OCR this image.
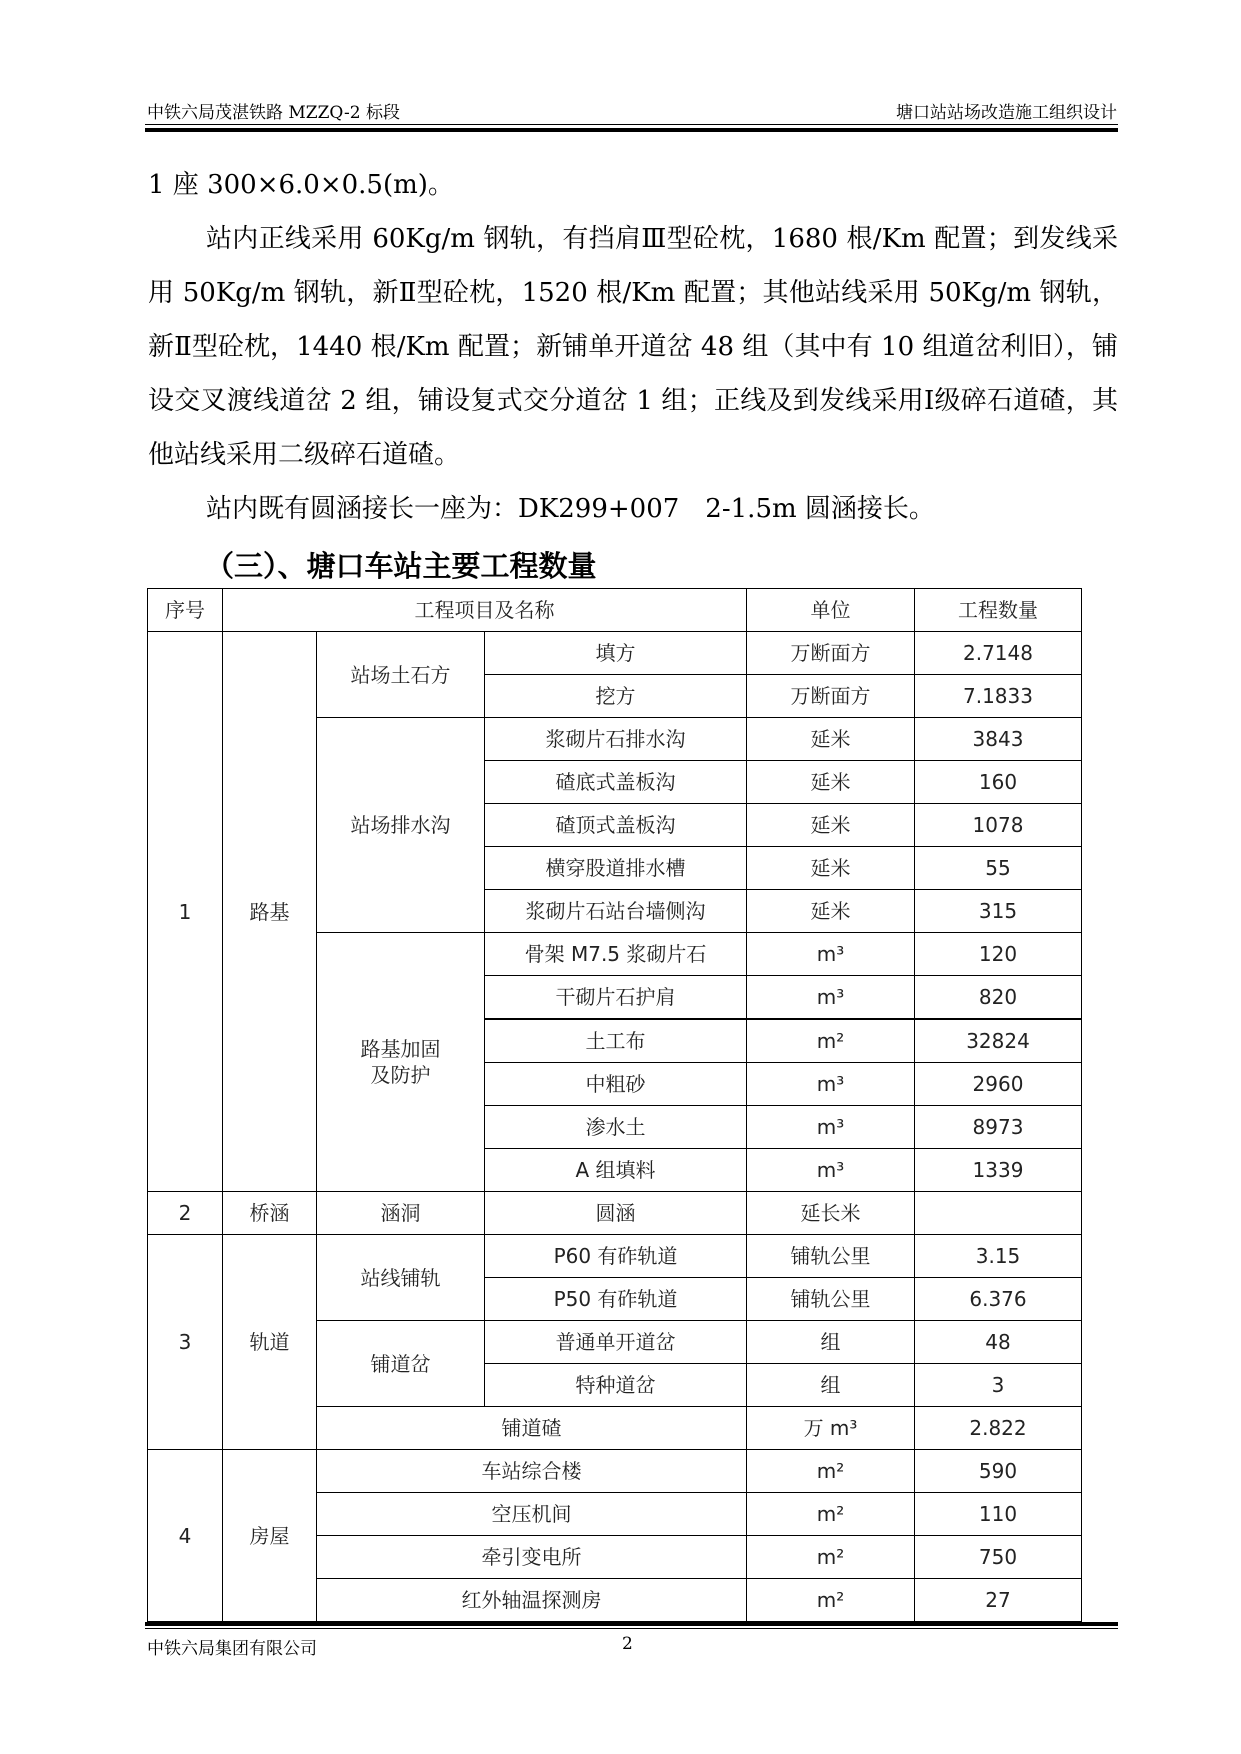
中铁六局茂湛铁路 MZZQ-2 标段	塘口站站场改造施工组织设计

1 座 300×6.0×0.5(m)。

站内正线采用 60Kg/m 钢轨，有挡肩Ⅲ型砼枕，1680 根/Km 配置；到发线采用 50Kg/m 钢轨，新Ⅱ型砼枕，1520 根/Km 配置；其他站线采用 50Kg/m 钢轨，新Ⅱ型砼枕，1440 根/Km 配置；新铺单开道岔 48 组（其中有 10 组道岔利旧），铺设交叉渡线道岔 2 组，铺设复式交分道岔 1 组；正线及到发线采用Ⅰ级碎石道碴，其他站线采用二级碎石道碴。

站内既有圆涵接长一座为：DK299+007　2-1.5m 圆涵接长。

（三）、塘口车站主要工程数量
序号	工程项目及名称			单位	工程数量
1	路基	站场土石方	填方	万断面方	2.7148
			挖方	万断面方	7.1833
		站场排水沟	浆砌片石排水沟	延米	3843
			碴底式盖板沟	延米	160
			碴顶式盖板沟	延米	1078
			横穿股道排水槽	延米	55
			浆砌片石站台墙侧沟	延米	315
		路基加固
及防护	骨架 M7.5 浆砌片石	m³	120
			干砌片石护肩	m³	820
			土工布	m²	32824
			中粗砂	m³	2960
			渗水土	m³	8973
			A 组填料	m³	1339
2	桥涵	涵洞	圆涵	延长米	
3	轨道	站线铺轨	P60 有砟轨道	铺轨公里	3.15
			P50 有砟轨道	铺轨公里	6.376
		铺道岔	普通单开道岔	组	48
			特种道岔	组	3
		铺道碴		万 m³	2.822
4	房屋	车站综合楼		m²	590
		空压机间		m²	110
		牵引变电所		m²	750
		红外轴温探测房		m²	27
中铁六局集团有限公司	2
